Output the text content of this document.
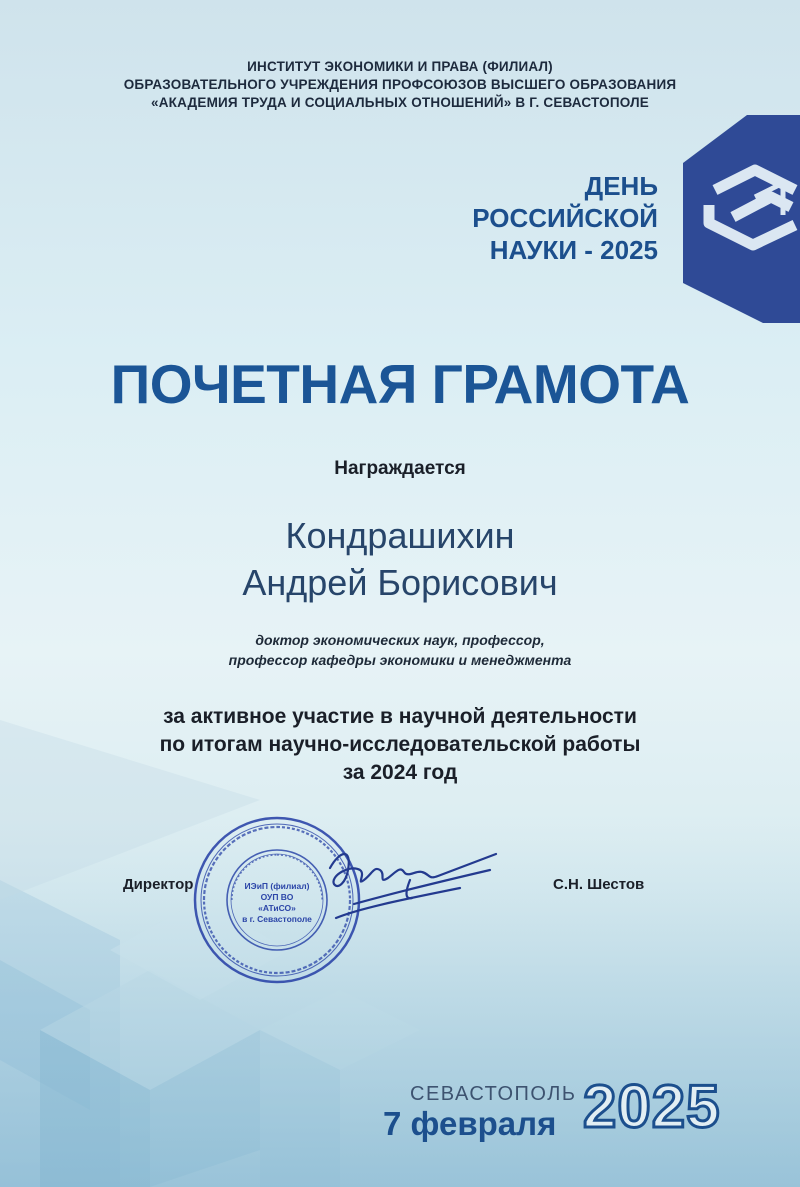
ИНСТИТУТ ЭКОНОМИКИ И ПРАВА (ФИЛИАЛ)
ОБРАЗОВАТЕЛЬНОГО УЧРЕЖДЕНИЯ ПРОФСОЮЗОВ ВЫСШЕГО ОБРАЗОВАНИЯ
«АКАДЕМИЯ ТРУДА И СОЦИАЛЬНЫХ ОТНОШЕНИЙ» В Г. СЕВАСТОПОЛЕ
ДЕНЬ
РОССИЙСКОЙ
НАУКИ - 2025
ПОЧЕТНАЯ ГРАМОТА
Награждается
Кондрашихин
Андрей Борисович
доктор экономических наук, профессор,
профессор кафедры экономики и менеджмента
за активное участие в научной деятельности
по итогам научно-исследовательской работы
за 2024 год
Директор	С.Н. Шестов
ИЭиП (филиал)
ОУП ВО
«АТиСО»
в г. Севастополе
СЕВАСТОПОЛЬ
7 февраля 2025
